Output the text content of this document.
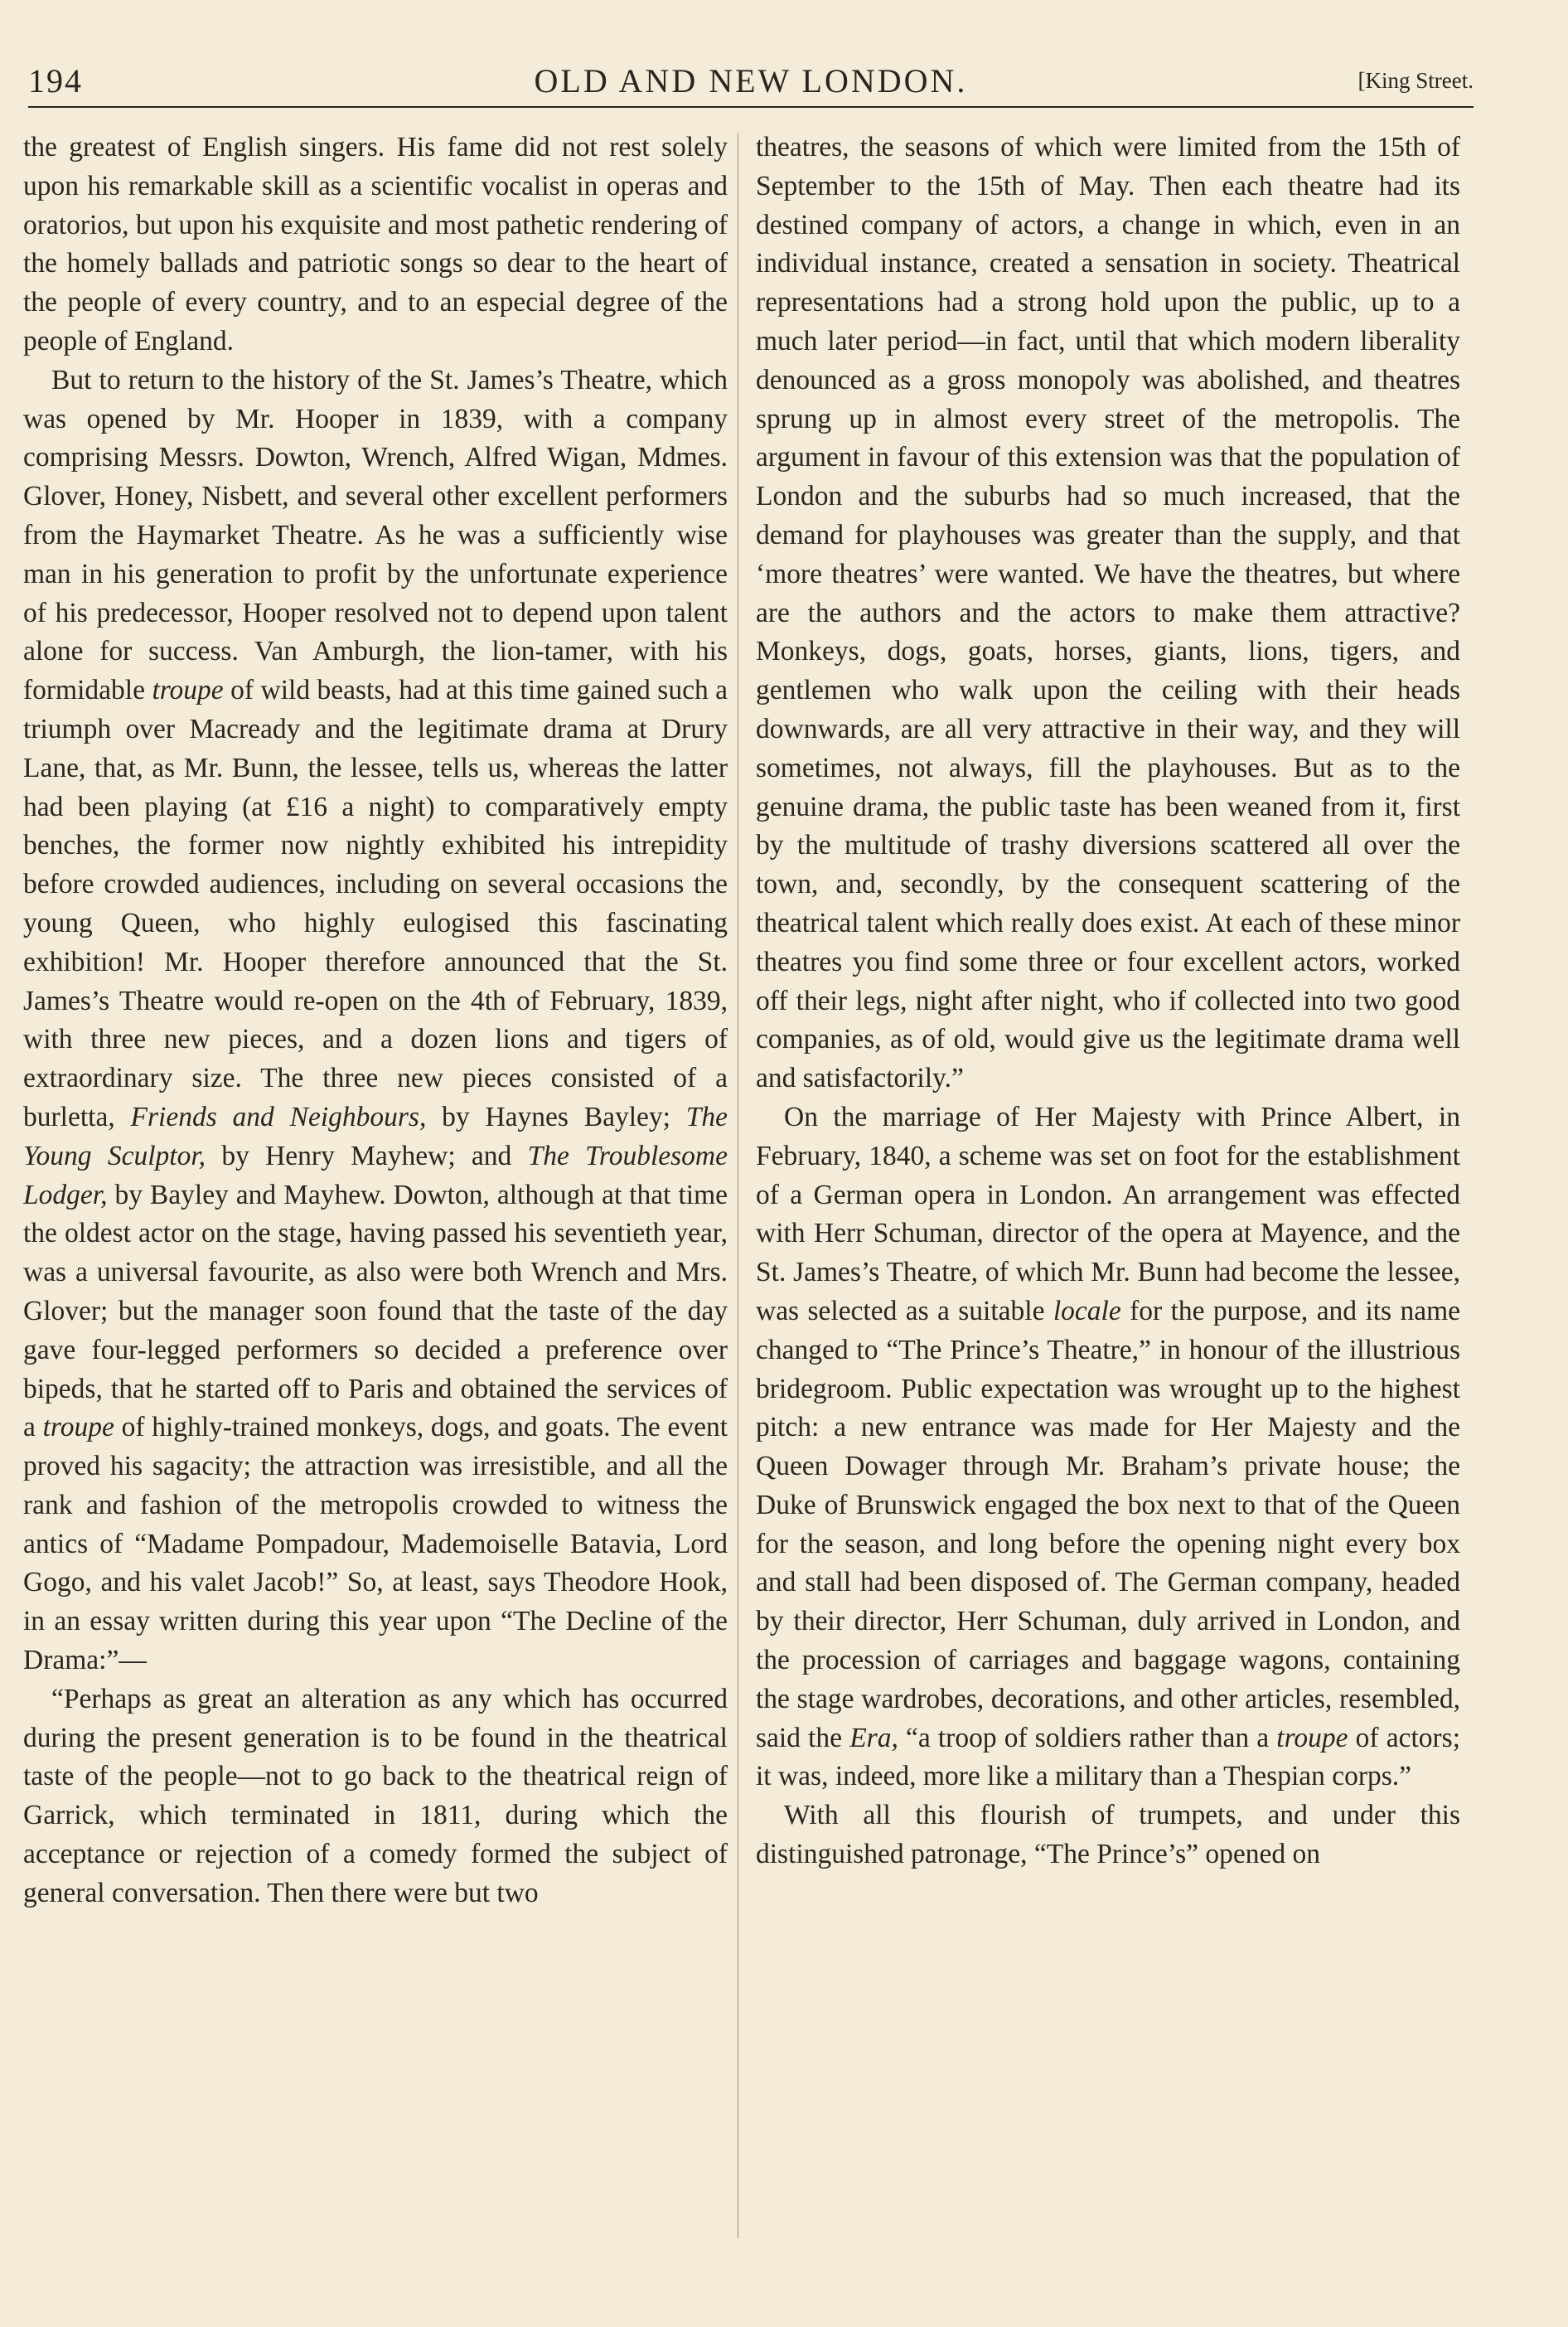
194	OLD AND NEW LONDON.	[King Street.

the greatest of English singers. His fame did not rest solely upon his remarkable skill as a scientific vocalist in operas and oratorios, but upon his exquisite and most pathetic rendering of the homely ballads and patriotic songs so dear to the heart of the people of every country, and to an especial degree of the people of England.

But to return to the history of the St. James’s Theatre, which was opened by Mr. Hooper in 1839, with a company comprising Messrs. Dowton, Wrench, Alfred Wigan, Mdmes. Glover, Honey, Nisbett, and several other excellent performers from the Haymarket Theatre. As he was a sufficiently wise man in his generation to profit by the unfortunate experience of his predecessor, Hooper resolved not to depend upon talent alone for success. Van Amburgh, the lion-tamer, with his formidable troupe of wild beasts, had at this time gained such a triumph over Macready and the legitimate drama at Drury Lane, that, as Mr. Bunn, the lessee, tells us, whereas the latter had been playing (at £16 a night) to comparatively empty benches, the former now nightly exhibited his intrepidity before crowded audiences, including on several occasions the young Queen, who highly eulogised this fascinating exhibition! Mr. Hooper therefore announced that the St. James’s Theatre would re-open on the 4th of February, 1839, with three new pieces, and a dozen lions and tigers of extraordinary size. The three new pieces consisted of a burletta, Friends and Neighbours, by Haynes Bayley; The Young Sculptor, by Henry Mayhew; and The Troublesome Lodger, by Bayley and Mayhew. Dowton, although at that time the oldest actor on the stage, having passed his seventieth year, was a universal favourite, as also were both Wrench and Mrs. Glover; but the manager soon found that the taste of the day gave four-legged performers so decided a preference over bipeds, that he started off to Paris and obtained the services of a troupe of highly-trained monkeys, dogs, and goats. The event proved his sagacity; the attraction was irresistible, and all the rank and fashion of the metropolis crowded to witness the antics of “Madame Pompadour, Mademoiselle Batavia, Lord Gogo, and his valet Jacob!” So, at least, says Theodore Hook, in an essay written during this year upon “The Decline of the Drama:”—

“Perhaps as great an alteration as any which has occurred during the present generation is to be found in the theatrical taste of the people—not to go back to the theatrical reign of Garrick, which terminated in 1811, during which the acceptance or rejection of a comedy formed the subject of general conversation. Then there were but two

theatres, the seasons of which were limited from the 15th of September to the 15th of May. Then each theatre had its destined company of actors, a change in which, even in an individual instance, created a sensation in society. Theatrical representations had a strong hold upon the public, up to a much later period—in fact, until that which modern liberality denounced as a gross monopoly was abolished, and theatres sprung up in almost every street of the metropolis. The argument in favour of this extension was that the population of London and the suburbs had so much increased, that the demand for playhouses was greater than the supply, and that ‘more theatres’ were wanted. We have the theatres, but where are the authors and the actors to make them attractive? Monkeys, dogs, goats, horses, giants, lions, tigers, and gentlemen who walk upon the ceiling with their heads downwards, are all very attractive in their way, and they will sometimes, not always, fill the playhouses. But as to the genuine drama, the public taste has been weaned from it, first by the multitude of trashy diversions scattered all over the town, and, secondly, by the consequent scattering of the theatrical talent which really does exist. At each of these minor theatres you find some three or four excellent actors, worked off their legs, night after night, who if collected into two good companies, as of old, would give us the legitimate drama well and satisfactorily.”

On the marriage of Her Majesty with Prince Albert, in February, 1840, a scheme was set on foot for the establishment of a German opera in London. An arrangement was effected with Herr Schuman, director of the opera at Mayence, and the St. James’s Theatre, of which Mr. Bunn had become the lessee, was selected as a suitable locale for the purpose, and its name changed to “The Prince’s Theatre,” in honour of the illustrious bridegroom. Public expectation was wrought up to the highest pitch: a new entrance was made for Her Majesty and the Queen Dowager through Mr. Braham’s private house; the Duke of Brunswick engaged the box next to that of the Queen for the season, and long before the opening night every box and stall had been disposed of. The German company, headed by their director, Herr Schuman, duly arrived in London, and the procession of carriages and baggage wagons, containing the stage wardrobes, decorations, and other articles, resembled, said the Era, “a troop of soldiers rather than a troupe of actors; it was, indeed, more like a military than a Thespian corps.”

With all this flourish of trumpets, and under this distinguished patronage, “The Prince’s” opened on
